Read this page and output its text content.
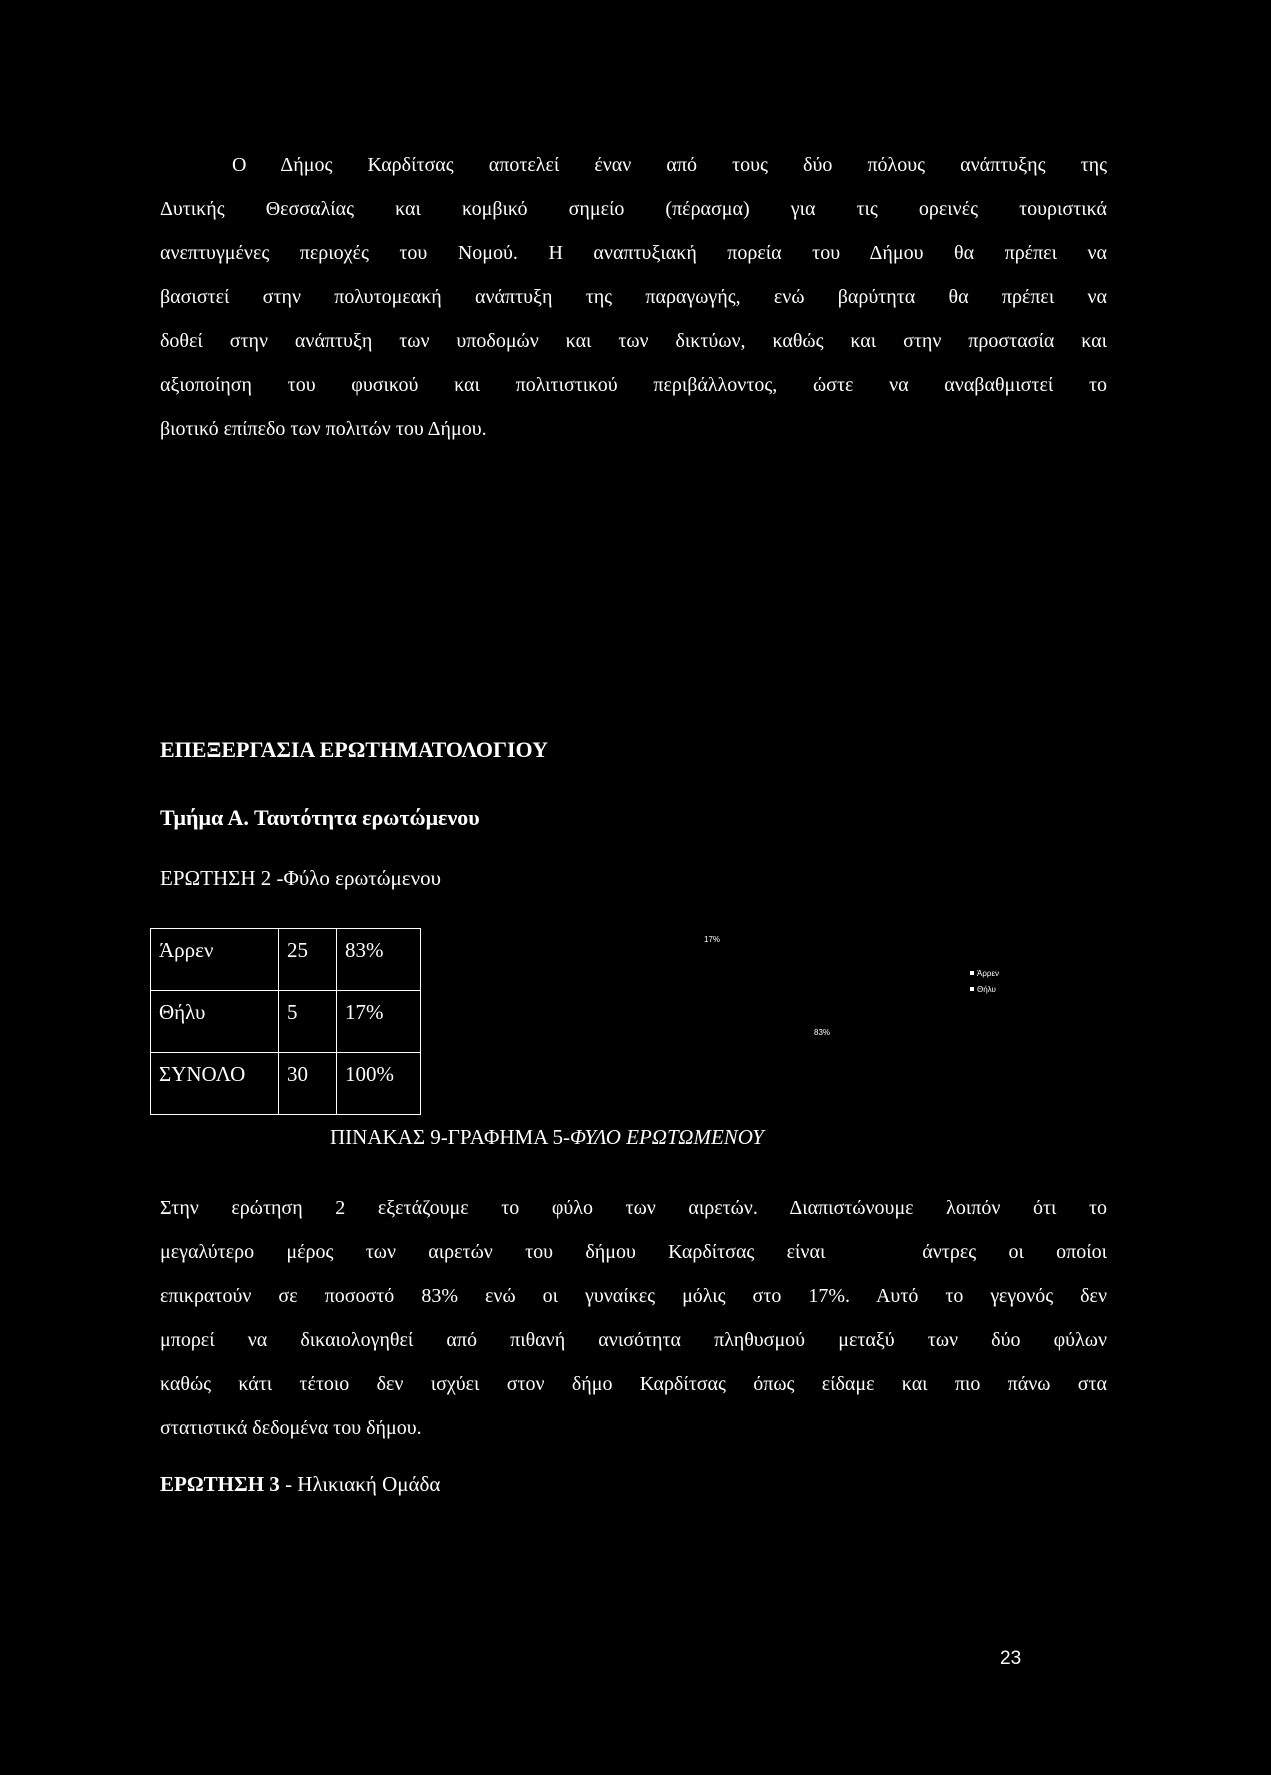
Ο Δήμος Καρδίτσας αποτελεί έναν από τους δύο πόλους ανάπτυξης της
Δυτικής Θεσσαλίας και κομβικό σημείο (πέρασμα) για τις ορεινές τουριστικά
ανεπτυγμένες περιοχές του Νομού. Η αναπτυξιακή πορεία του Δήμου θα πρέπει να
βασιστεί στην πολυτομεακή ανάπτυξη της παραγωγής, ενώ βαρύτητα θα πρέπει να
δοθεί στην ανάπτυξη των υποδομών και των δικτύων, καθώς και στην προστασία και
αξιοποίηση του φυσικού και πολιτιστικού περιβάλλοντος, ώστε να αναβαθμιστεί το
βιοτικό επίπεδο των πολιτών του Δήμου.
ΕΠΕΞΕΡΓΑΣΙΑ ΕΡΩΤΗΜΑΤΟΛΟΓΙΟΥ
Τμήμα Α. Ταυτότητα ερωτώμενου
ΕΡΩΤΗΣΗ 2 -Φύλο ερωτώμενου
Άρρεν	25	83%
Θήλυ	5	17%
ΣΥΝΟΛΟ	30	100%
17%
83%
Άρρεν
Θήλυ
ΠΙΝΑΚΑΣ 9-ΓΡΑΦΗΜΑ 5-ΦΥΛΟ ΕΡΩΤΩΜΕΝΟΥ
Στην ερώτηση 2 εξετάζουμε το φύλο των αιρετών. Διαπιστώνουμε λοιπόν ότι το
μεγαλύτερο μέρος των αιρετών του δήμου Καρδίτσας είναι   άντρες οι οποίοι
επικρατούν σε ποσοστό 83% ενώ οι γυναίκες μόλις στο 17%. Αυτό το γεγονός δεν
μπορεί να δικαιολογηθεί από πιθανή ανισότητα πληθυσμού μεταξύ των δύο φύλων
καθώς κάτι τέτοιο δεν ισχύει στον δήμο Καρδίτσας όπως είδαμε και πιο πάνω στα
στατιστικά δεδομένα του δήμου.
ΕΡΩΤΗΣΗ 3 - Ηλικιακή Ομάδα
23
